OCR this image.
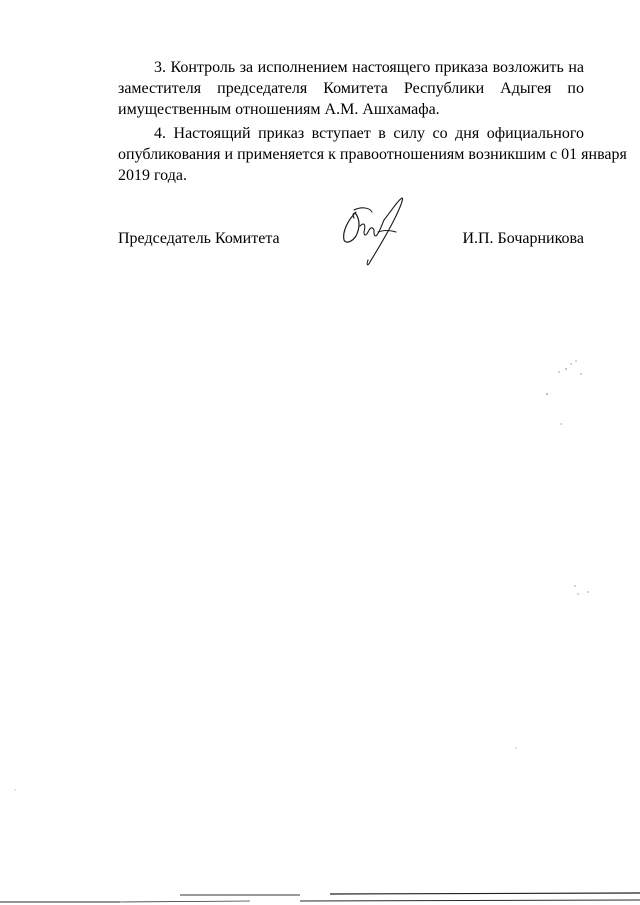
3. Контроль за исполнением настоящего приказа возложить на
заместителя председателя Комитета Республики Адыгея по
имущественным отношениям А.М. Ашхамафа.

4. Настоящий приказ вступает в силу со дня официального
опубликования и применяется к правоотношениям возникшим с 01 января
2019 года.

Председатель Комитета	И.П. Бочарникова
